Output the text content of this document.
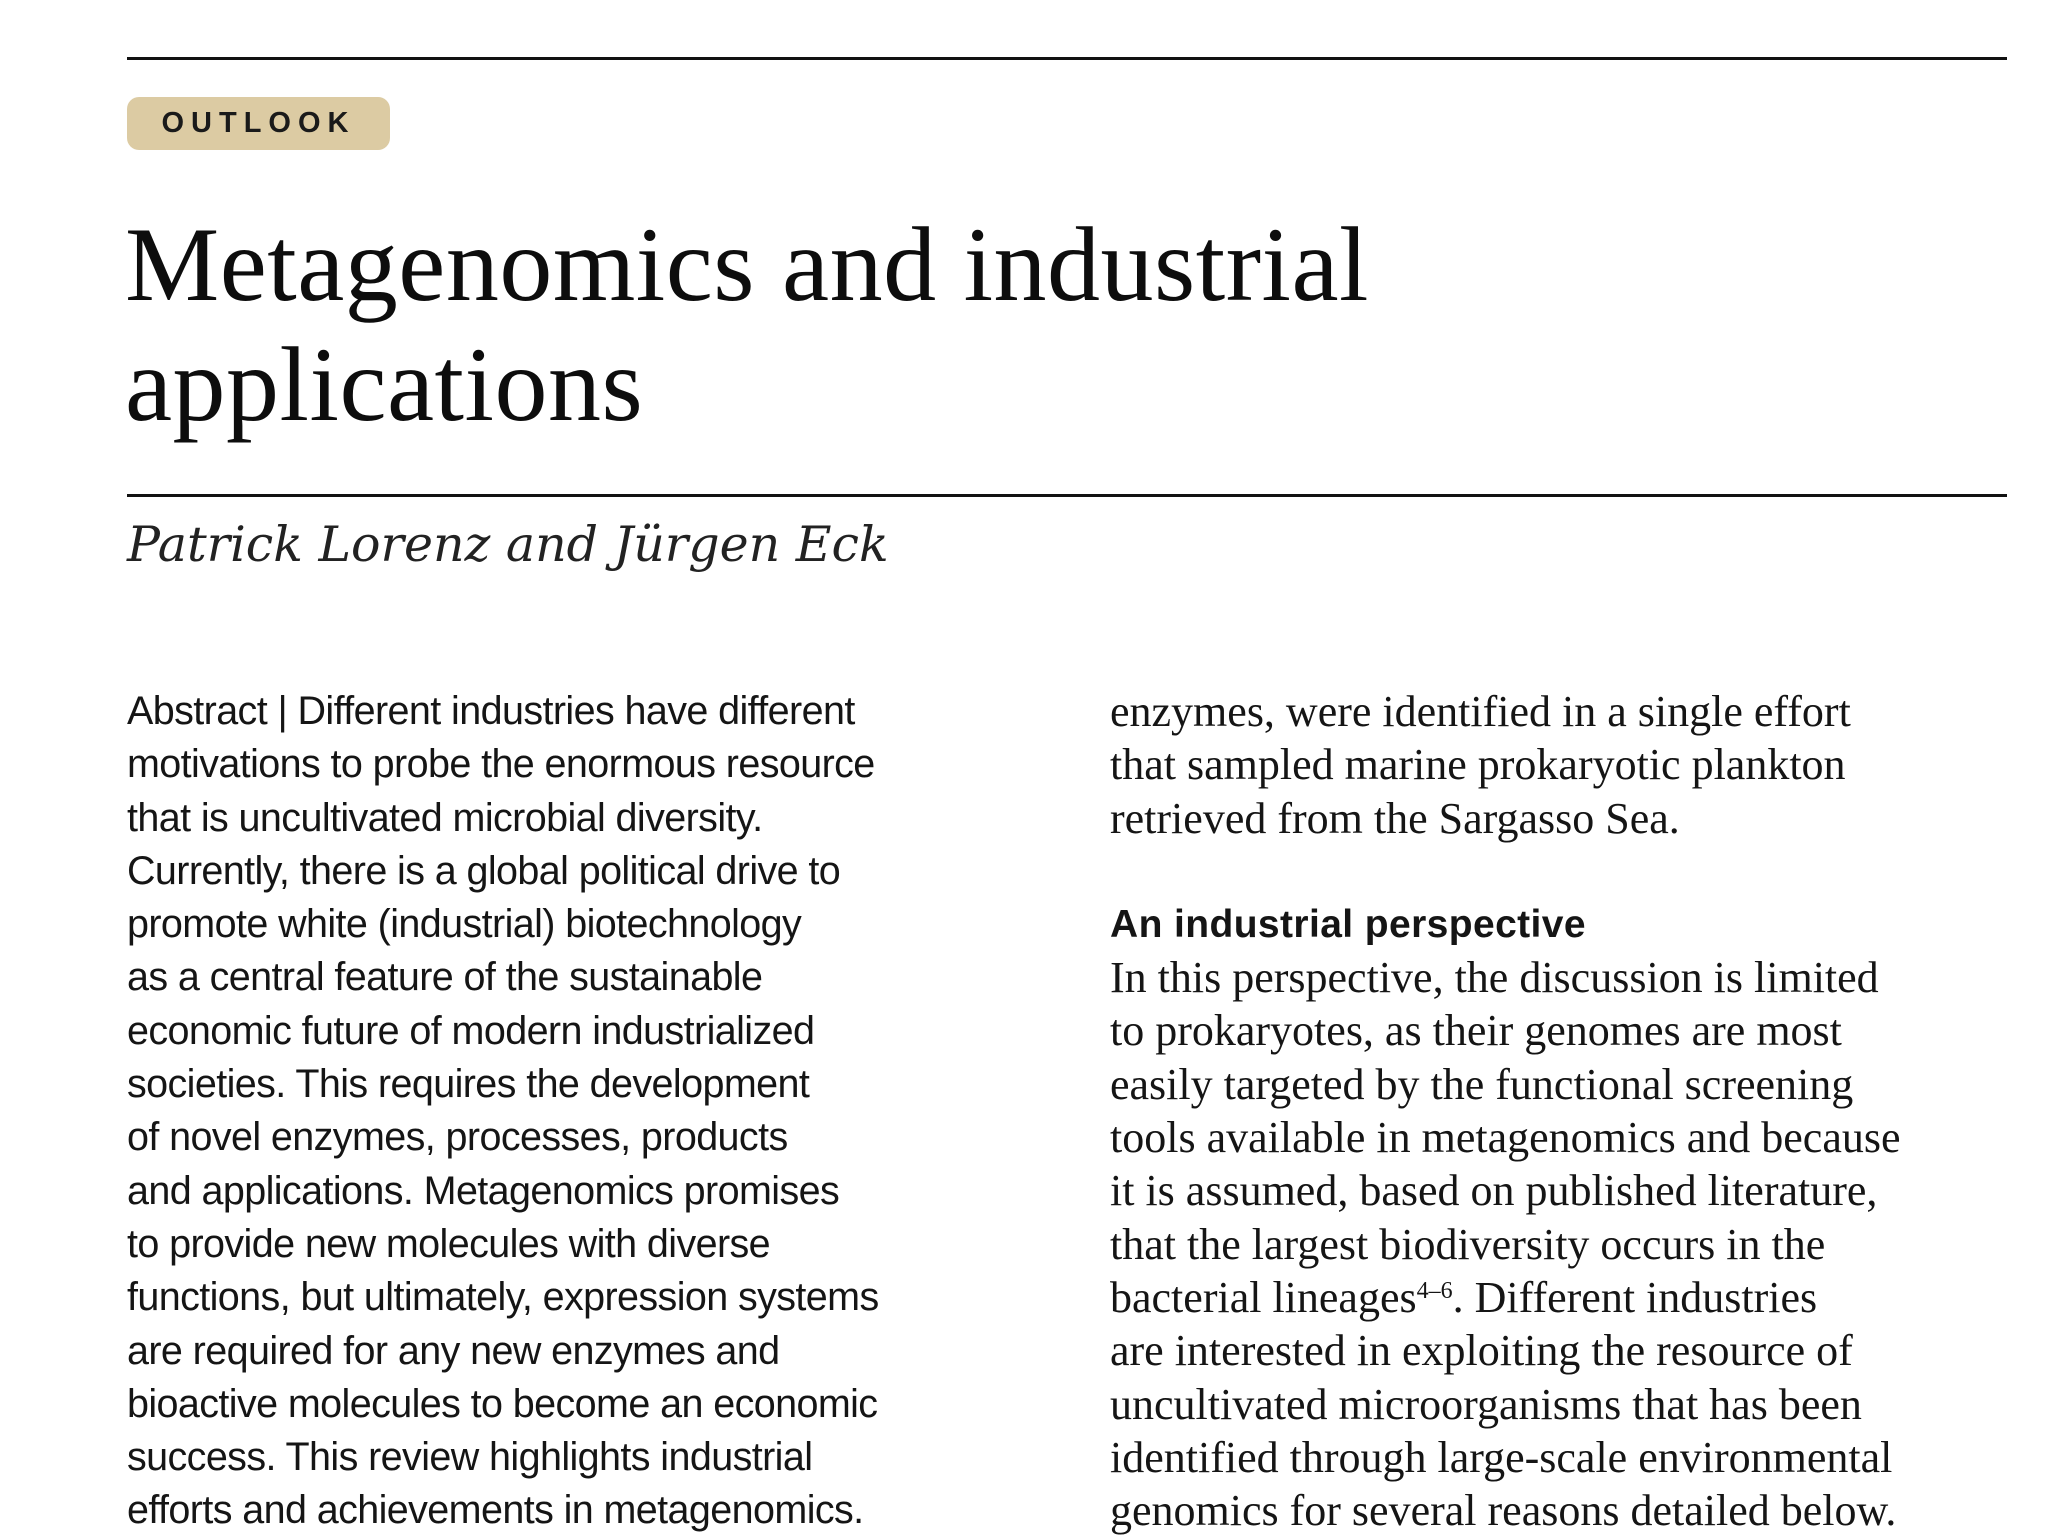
OUTLOOK
Metagenomics and industrial
applications
Patrick Lorenz and Jürgen Eck
Abstract | Different industries have different
motivations to probe the enormous resource
that is uncultivated microbial diversity.
Currently, there is a global political drive to
promote white (industrial) biotechnology
as a central feature of the sustainable
economic future of modern industrialized
societies. This requires the development
of novel enzymes, processes, products
and applications. Metagenomics promises
to provide new molecules with diverse
functions, but ultimately, expression systems
are required for any new enzymes and
bioactive molecules to become an economic
success. This review highlights industrial
efforts and achievements in metagenomics.
enzymes, were identified in a single effort
that sampled marine prokaryotic plankton
retrieved from the Sargasso Sea.
An industrial perspective
In this perspective, the discussion is limited
to prokaryotes, as their genomes are most
easily targeted by the functional screening
tools available in metagenomics and because
it is assumed, based on published literature,
that the largest biodiversity occurs in the
bacterial lineages$^{4-6}$. Different industries
are interested in exploiting the resource of
uncultivated microorganisms that has been
identified through large-scale environmental
genomics for several reasons detailed below.
